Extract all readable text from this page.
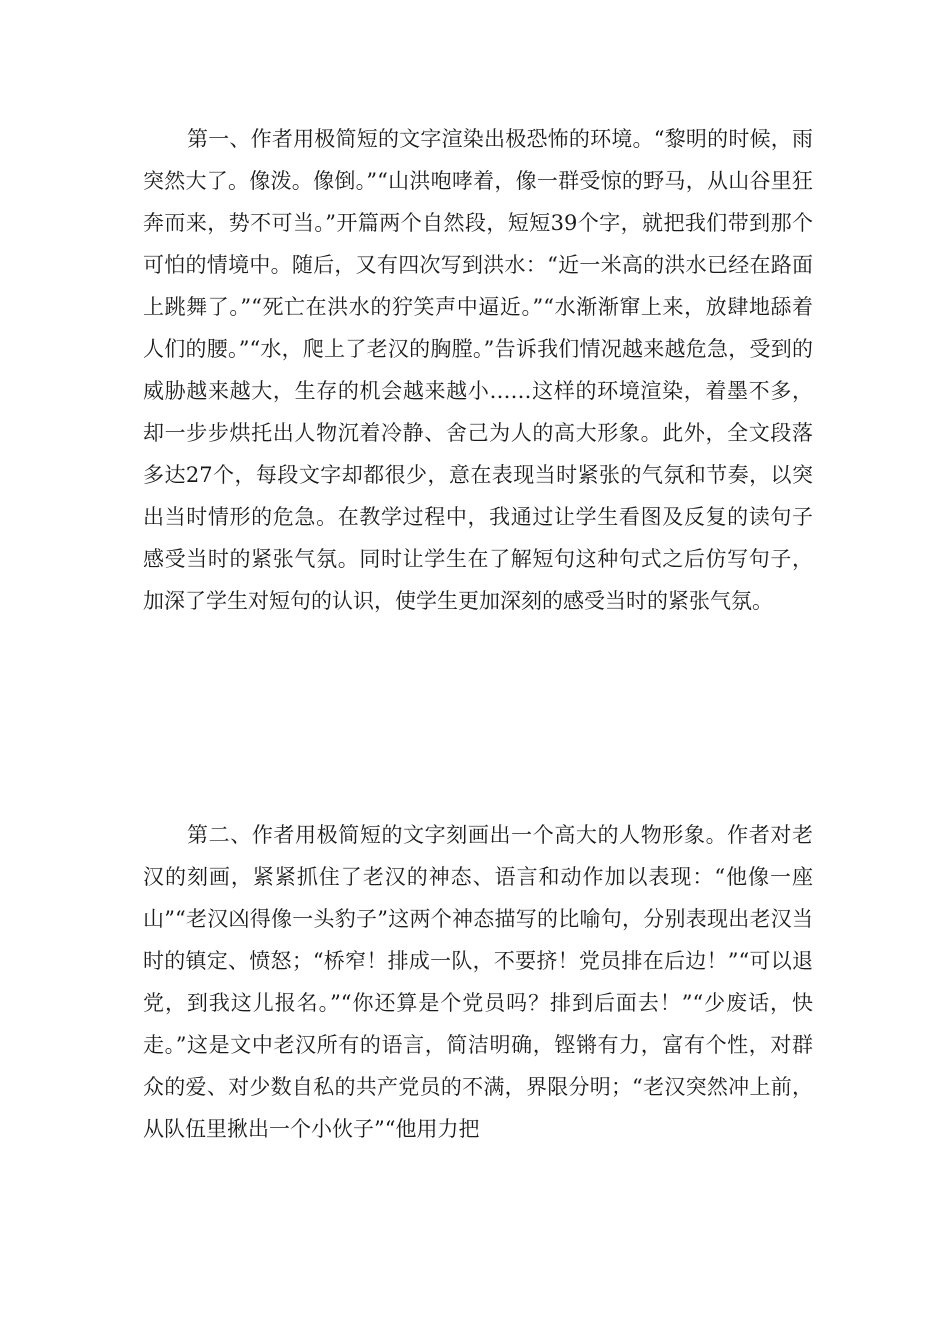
第一、作者用极简短的文字渲染出极恐怖的环境。“黎明的时候，雨突然大了。像泼。像倒。”“山洪咆哮着，像一群受惊的野马，从山谷里狂奔而来，势不可当。”开篇两个自然段，短短39个字，就把我们带到那个可怕的情境中。随后，又有四次写到洪水：“近一米高的洪水已经在路面上跳舞了。”“死亡在洪水的狞笑声中逼近。”“水渐渐窜上来，放肆地舔着人们的腰。”“水，爬上了老汉的胸膛。”告诉我们情况越来越危急，受到的威胁越来越大，生存的机会越来越小……这样的环境渲染，着墨不多，却一步步烘托出人物沉着冷静、舍己为人的高大形象。此外，全文段落多达27个，每段文字却都很少，意在表现当时紧张的气氛和节奏，以突出当时情形的危急。在教学过程中，我通过让学生看图及反复的读句子感受当时的紧张气氛。同时让学生在了解短句这种句式之后仿写句子，加深了学生对短句的认识，使学生更加深刻的感受当时的紧张气氛。

第二、作者用极简短的文字刻画出一个高大的人物形象。作者对老汉的刻画，紧紧抓住了老汉的神态、语言和动作加以表现：“他像一座山”“老汉凶得像一头豹子”这两个神态描写的比喻句，分别表现出老汉当时的镇定、愤怒；“桥窄！排成一队，不要挤！党员排在后边！”“可以退党，到我这儿报名。”“你还算是个党员吗？排到后面去！”“少废话，快走。”这是文中老汉所有的语言，简洁明确，铿锵有力，富有个性，对群众的爱、对少数自私的共产党员的不满，界限分明；“老汉突然冲上前，从队伍里揪出一个小伙子”“他用力把
